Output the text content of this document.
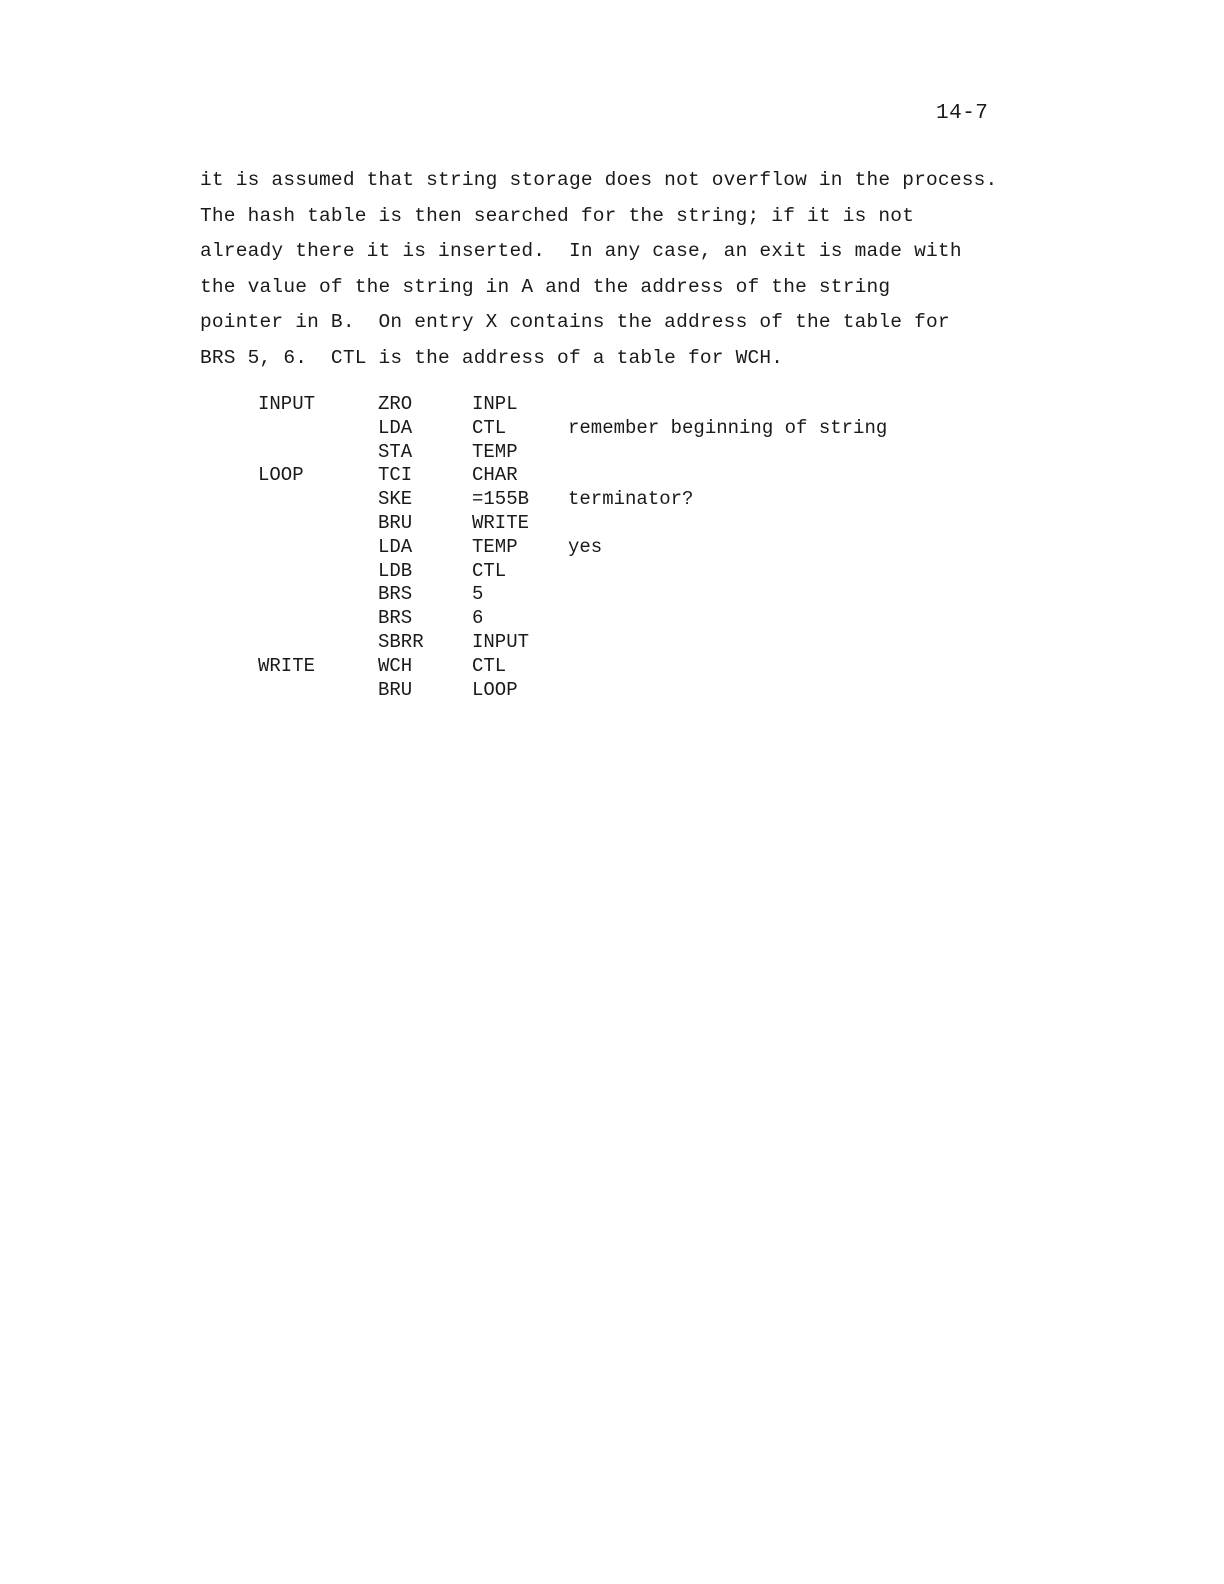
14-7

it is assumed that string storage does not overflow in the process.
The hash table is then searched for the string; if it is not
already there it is inserted.  In any case, an exit is made with
the value of the string in A and the address of the string
pointer in B.  On entry X contains the address of the table for
BRS 5, 6.  CTL is the address of a table for WCH.

INPUT	ZRO	INPL	
	LDA	CTL	remember beginning of string
	STA	TEMP	
LOOP	TCI	CHAR	
	SKE	=155B	terminator?
	BRU	WRITE	
	LDA	TEMP	yes
	LDB	CTL	
	BRS	5	
	BRS	6	
	SBRR	INPUT	
WRITE	WCH	CTL	
	BRU	LOOP	
